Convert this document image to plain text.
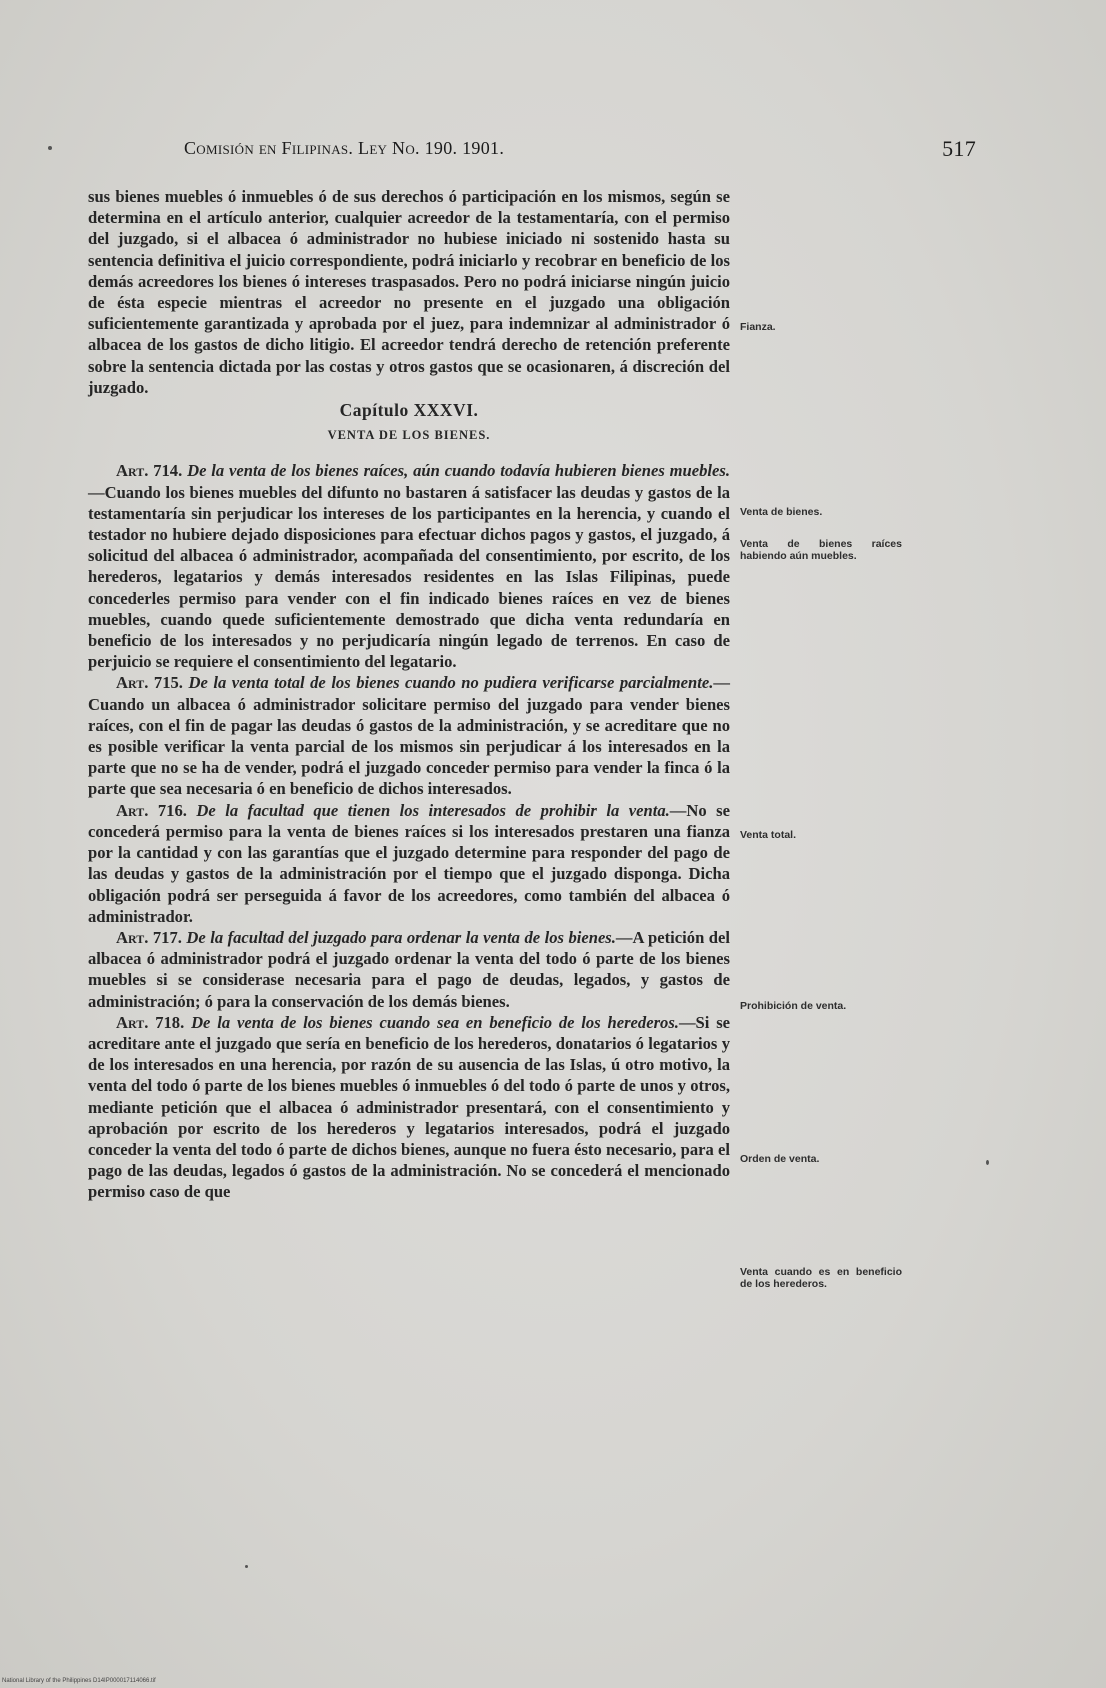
Comisión en Filipinas. Ley No. 190. 1901.	517

sus bienes muebles ó inmuebles ó de sus derechos ó participación en los mismos, según se determina en el artículo anterior, cualquier acreedor de la testamentaría, con el permiso del juzgado, si el albacea ó administrador no hubiese iniciado ni sostenido hasta su sentencia definitiva el juicio correspondiente, podrá iniciarlo y recobrar en beneficio de los demás acreedores los bienes ó intereses traspasados. Pero no podrá iniciarse ningún juicio de ésta especie mientras el acreedor no presente en el juzgado una obligación suficientemente garantizada y aprobada por el juez, para indemnizar al administrador ó albacea de los gastos de dicho litigio. El acreedor tendrá derecho de retención preferente sobre la sentencia dictada por las costas y otros gastos que se ocasionaren, á discreción del juzgado.

Capítulo XXXVI.
VENTA DE LOS BIENES.

Art. 714. De la venta de los bienes raíces, aún cuando todavía hubieren bienes muebles.—Cuando los bienes muebles del difunto no bastaren á satisfacer las deudas y gastos de la testamentaría sin perjudicar los intereses de los participantes en la herencia, y cuando el testador no hubiere dejado disposiciones para efectuar dichos pagos y gastos, el juzgado, á solicitud del albacea ó administrador, acompañada del consentimiento, por escrito, de los herederos, legatarios y demás interesados residentes en las Islas Filipinas, puede concederles permiso para vender con el fin indicado bienes raíces en vez de bienes muebles, cuando quede suficientemente demostrado que dicha venta redundaría en beneficio de los interesados y no perjudicaría ningún legado de terrenos. En caso de perjuicio se requiere el consentimiento del legatario.

Art. 715. De la venta total de los bienes cuando no pudiera verificarse parcialmente.—Cuando un albacea ó administrador solicitare permiso del juzgado para vender bienes raíces, con el fin de pagar las deudas ó gastos de la administración, y se acreditare que no es posible verificar la venta parcial de los mismos sin perjudicar á los interesados en la parte que no se ha de vender, podrá el juzgado conceder permiso para vender la finca ó la parte que sea necesaria ó en beneficio de dichos interesados.

Art. 716. De la facultad que tienen los interesados de prohibir la venta.—No se concederá permiso para la venta de bienes raíces si los interesados prestaren una fianza por la cantidad y con las garantías que el juzgado determine para responder del pago de las deudas y gastos de la administración por el tiempo que el juzgado disponga. Dicha obligación podrá ser perseguida á favor de los acreedores, como también del albacea ó administrador.

Art. 717. De la facultad del juzgado para ordenar la venta de los bienes.—A petición del albacea ó administrador podrá el juzgado ordenar la venta del todo ó parte de los bienes muebles si se considerase necesaria para el pago de deudas, legados, y gastos de administración; ó para la conservación de los demás bienes.

Art. 718. De la venta de los bienes cuando sea en beneficio de los herederos.—Si se acreditare ante el juzgado que sería en beneficio de los herederos, donatarios ó legatarios y de los interesados en una herencia, por razón de su ausencia de las Islas, ú otro motivo, la venta del todo ó parte de los bienes muebles ó inmuebles ó del todo ó parte de unos y otros, mediante petición que el albacea ó administrador presentará, con el consentimiento y aprobación por escrito de los herederos y legatarios interesados, podrá el juzgado conceder la venta del todo ó parte de dichos bienes, aunque no fuera ésto necesario, para el pago de las deudas, legados ó gastos de la administración. No se concederá el mencionado permiso caso de que

Fianza.
Venta de bienes.
Venta de bienes raíces habiendo aún muebles.
Venta total.
Prohibición de venta.
Orden de venta.
Venta cuando es en beneficio de los herederos.
National Library of the Philippines D14IP000017114066.tif
